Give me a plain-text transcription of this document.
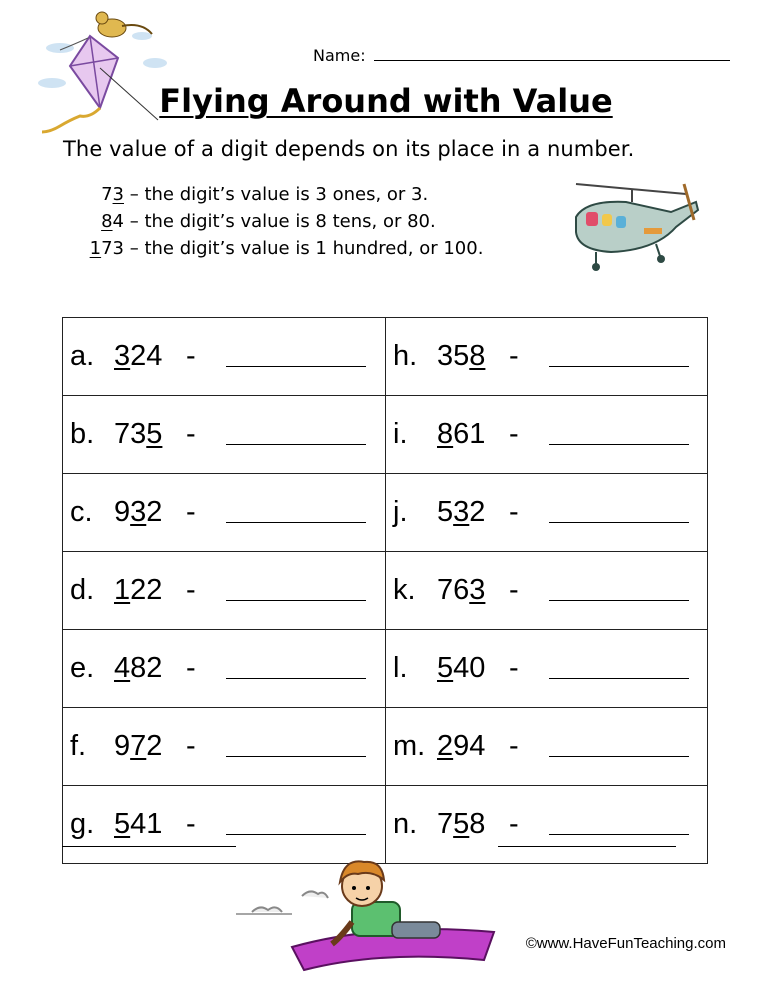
Name:
Flying Around with Value
The value of a digit depends on its place in a number.
73 – the digit’s value is 3 ones, or 3.
84 – the digit’s value is 8 tens, or 80.
173 – the digit’s value is 1 hundred, or 100.
a. 324 -	h. 358 -

b. 735 -	i. 861 -

c. 932 -	j. 532 -

d. 122 -	k. 763 -

e. 482 -	l. 540 -

f. 972 -	m. 294 -

g. 541 -	n. 758 -
©www.HaveFunTeaching.com
